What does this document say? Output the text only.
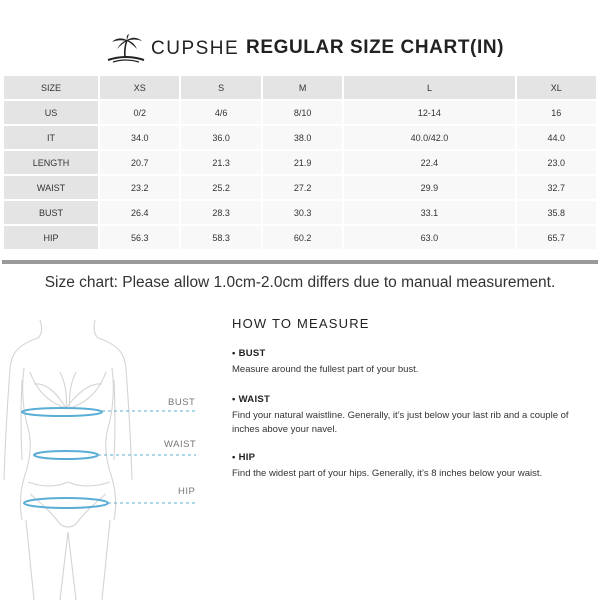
CUPSHE REGULAR SIZE CHART(IN)
SIZE	XS	S	M	L	XL
US	0/2	4/6	8/10	12-14	16
IT	34.0	36.0	38.0	40.0/42.0	44.0
LENGTH	20.7	21.3	21.9	22.4	23.0
WAIST	23.2	25.2	27.2	29.9	32.7
BUST	26.4	28.3	30.3	33.1	35.8
HIP	56.3	58.3	60.2	63.0	65.7
Size chart: Please allow 1.0cm-2.0cm differs due to manual measurement.
BUST
WAIST
HIP
HOW TO MEASURE
• BUST
Measure around the fullest part of your bust.
• WAIST
Find your natural waistline. Generally, it’s just below your last rib and a couple of inches above your navel.
• HIP
Find the widest part of your hips. Generally, it’s 8 inches below your waist.
